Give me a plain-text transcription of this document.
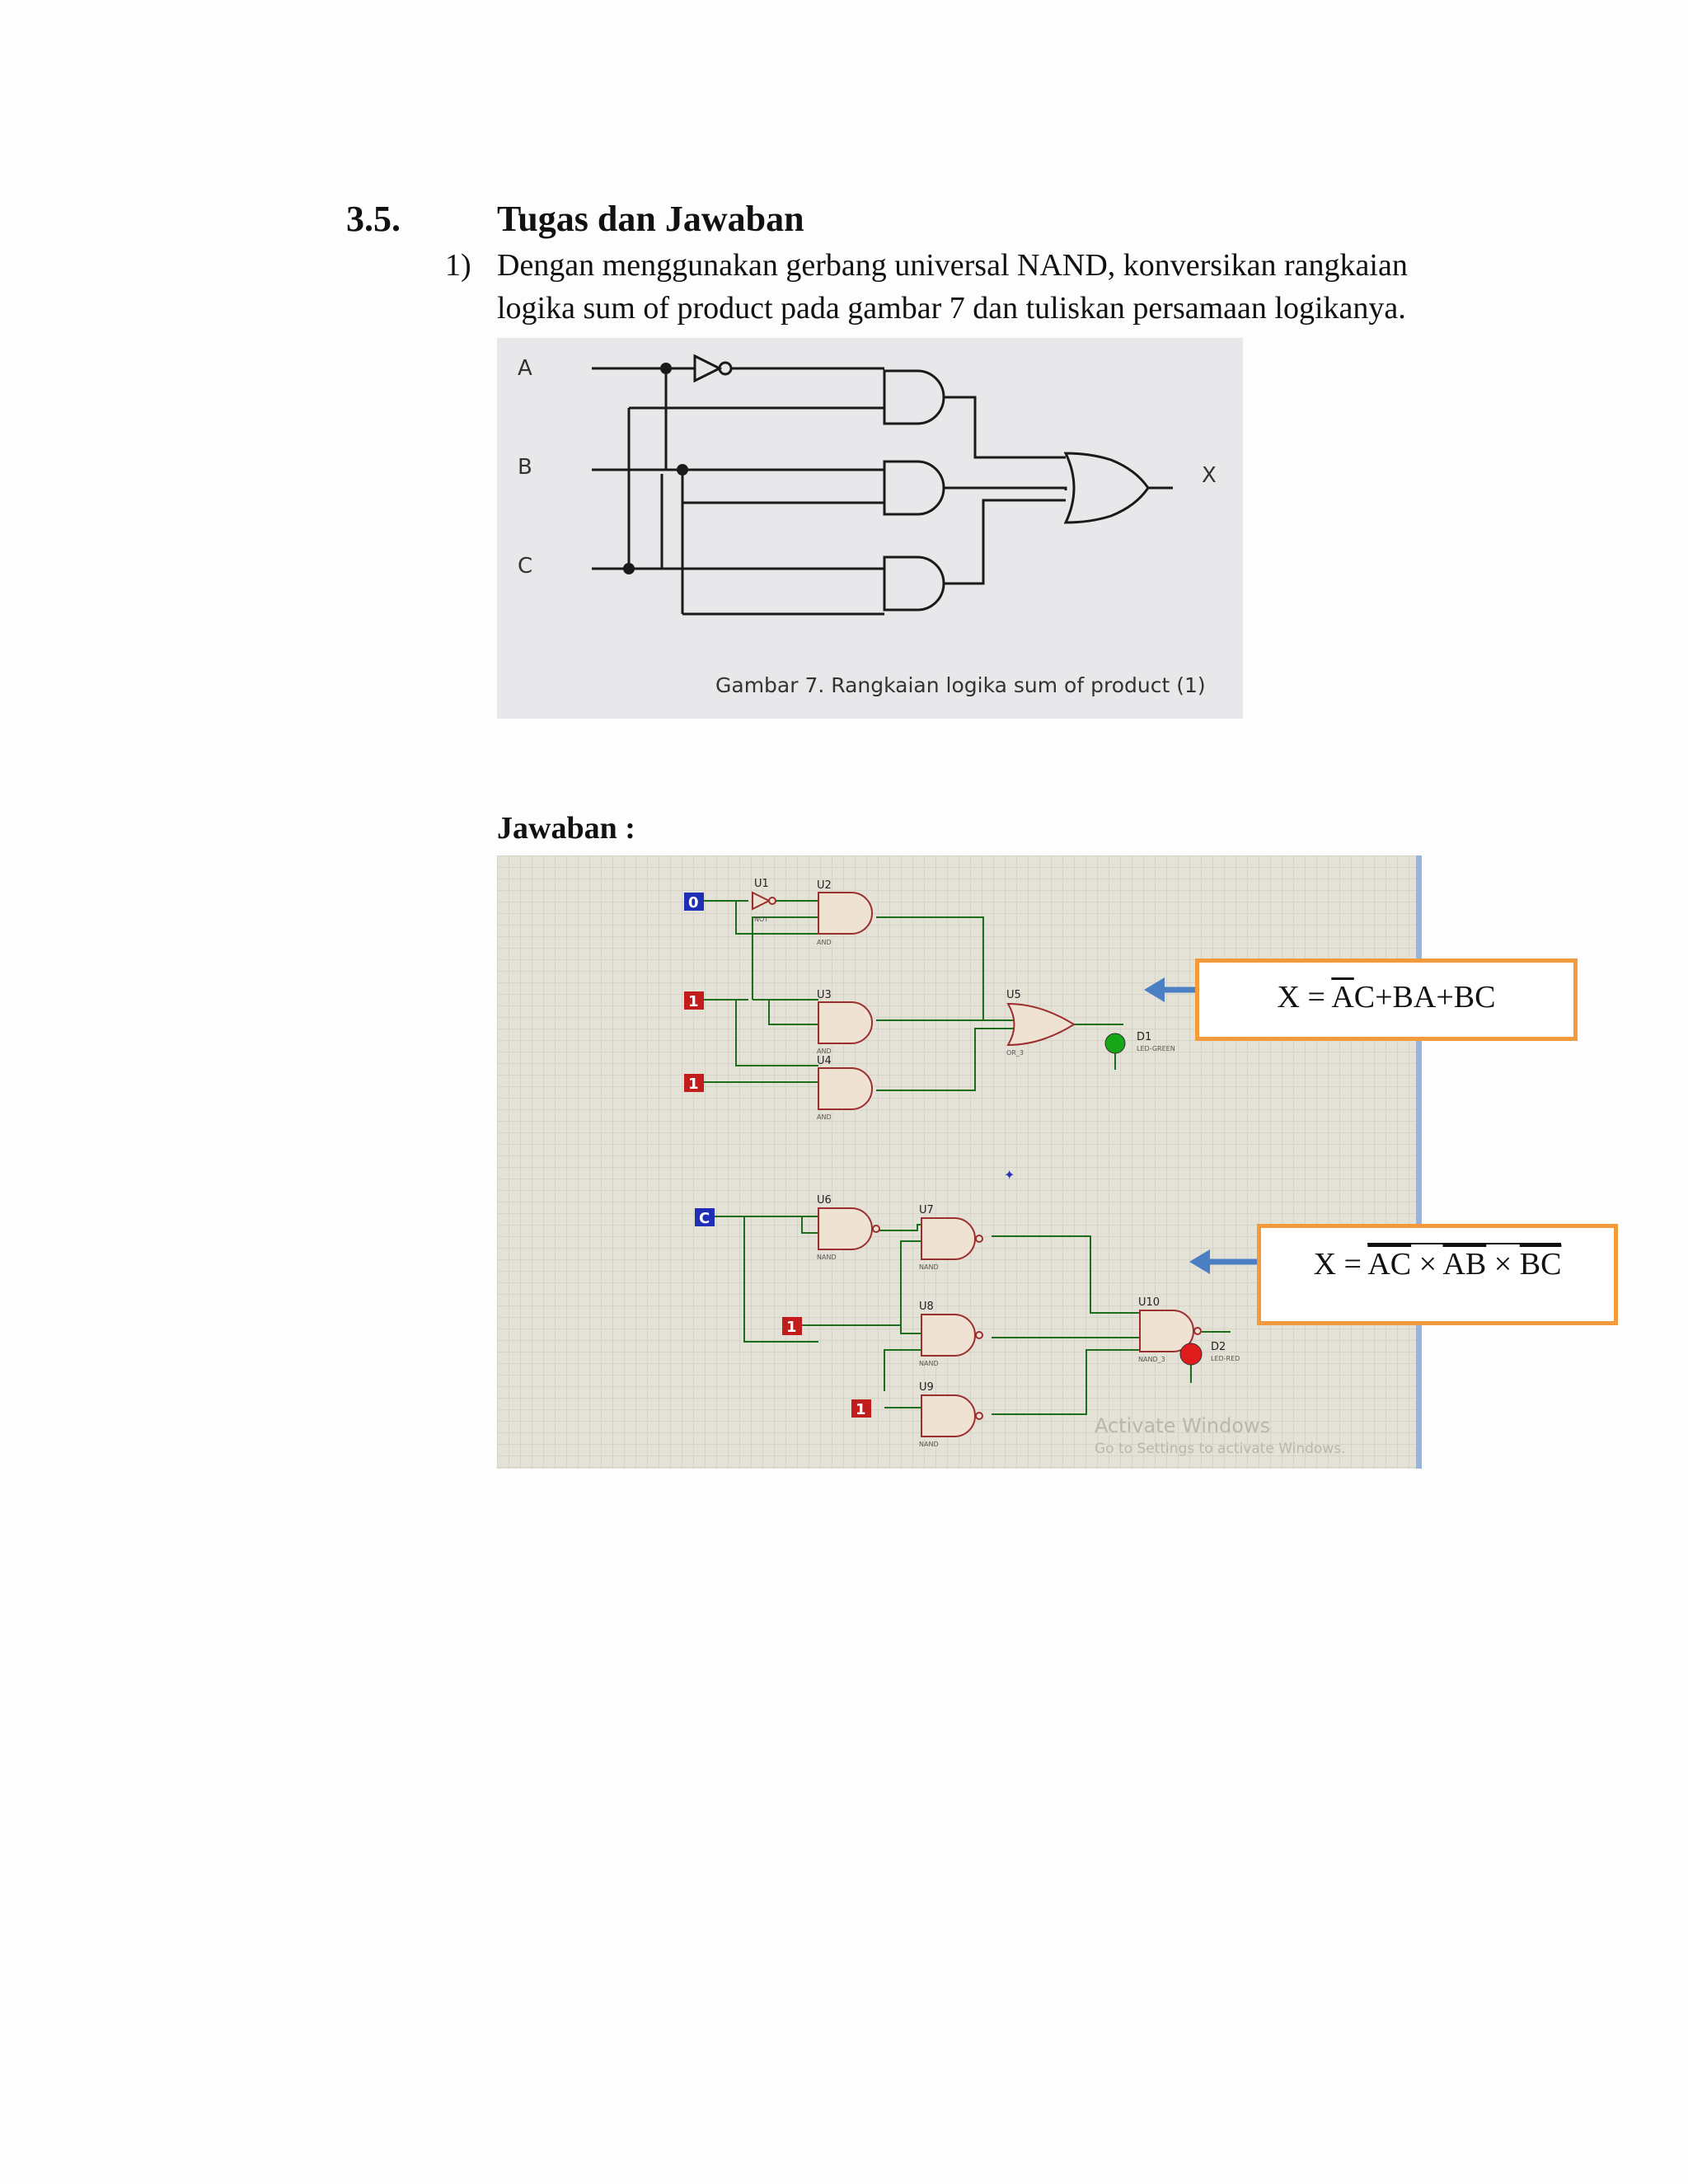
3.5.	Tugas dan Jawaban
1) Dengan menggunakan gerbang universal NAND, konversikan rangkaian
logika sum of product pada gambar 7 dan tuliskan persamaan logikanya.
A
B
C
X
Gambar 7. Rangkaian logika sum of product (1)
Jawaban :
0
1
1
U1
NOT
U2
AND
U3
AND
U4
AND
U5
OR_3
D1
LED-GREEN
C
1
1
U6
NAND
U7
NAND
U8
NAND
U9
NAND
U10
NAND_3
D2
LED-RED
✦
Activate Windows
Go to Settings to activate Windows.
$X = \overline{A}C+BA+BC$
$X = \overline{AC} \times \overline{AB} \times \overline{BC}$
